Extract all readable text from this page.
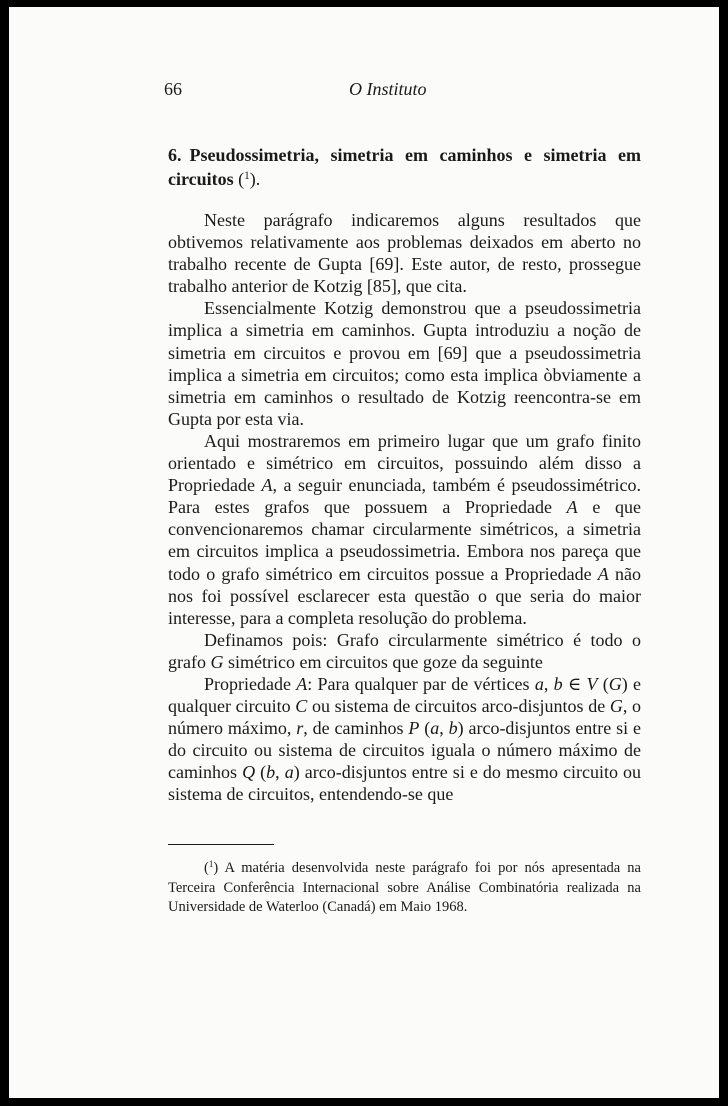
66	O Instituto
6. Pseudossimetria, simetria em caminhos e simetria em circuitos ($^1$).

Neste parágrafo indicaremos alguns resultados que obtivemos relativamente aos problemas deixados em aberto no trabalho recente de Gupta [69]. Este autor, de resto, prossegue trabalho anterior de Kotzig [85], que cita.

Essencialmente Kotzig demonstrou que a pseudossimetria implica a simetria em caminhos. Gupta introduziu a noção de simetria em circuitos e provou em [69] que a pseudossimetria implica a simetria em circuitos; como esta implica òbviamente a simetria em caminhos o resultado de Kotzig reencontra-se em Gupta por esta via.

Aqui mostraremos em primeiro lugar que um grafo finito orientado e simétrico em circuitos, possuindo além disso a Propriedade A, a seguir enunciada, também é pseudossimétrico. Para estes grafos que possuem a Propriedade A e que convencionaremos chamar circularmente simétricos, a simetria em circuitos implica a pseudossimetria. Embora nos pareça que todo o grafo simétrico em circuitos possue a Propriedade A não nos foi possível esclarecer esta questão o que seria do maior interesse, para a completa resolução do problema.

Definamos pois: Grafo circularmente simétrico é todo o grafo G simétrico em circuitos que goze da seguinte

Propriedade A: Para qualquer par de vértices a, b ∈ V (G) e qualquer circuito C ou sistema de circuitos arco-disjuntos de G, o número máximo, r, de caminhos P (a, b) arco-disjuntos entre si e do circuito ou sistema de circuitos iguala o número máximo de caminhos Q (b, a) arco-disjuntos entre si e do mesmo circuito ou sistema de circuitos, entendendo-se que

($^1$) A matéria desenvolvida neste parágrafo foi por nós apresentada na Terceira Conferência Internacional sobre Análise Combinatória realizada na Universidade de Waterloo (Canadá) em Maio 1968.
